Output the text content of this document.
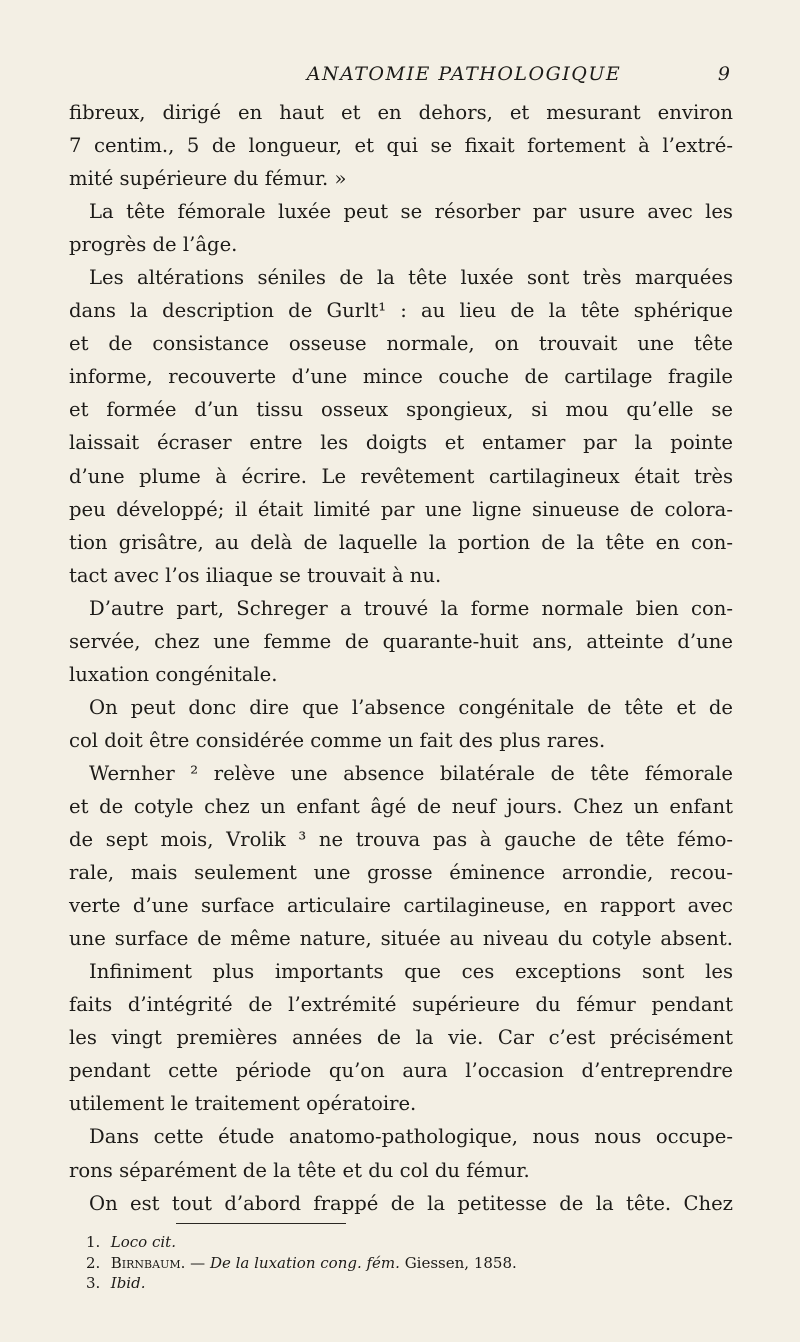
ANATOMIE PATHOLOGIQUE	9
fibreux, dirigé en haut et en dehors, et mesurant environ
7 centim., 5 de longueur, et qui se fixait fortement à l’extré-
mité supérieure du fémur. »
La tête fémorale luxée peut se résorber par usure avec les
progrès de l’âge.
Les altérations séniles de la tête luxée sont très marquées
dans la description de Gurlt¹ : au lieu de la tête sphérique
et de consistance osseuse normale, on trouvait une tête
informe, recouverte d’une mince couche de cartilage fragile
et formée d’un tissu osseux spongieux, si mou qu’elle se
laissait écraser entre les doigts et entamer par la pointe
d’une plume à écrire. Le revêtement cartilagineux était très
peu développé; il était limité par une ligne sinueuse de colora-
tion grisâtre, au delà de laquelle la portion de la tête en con-
tact avec l’os iliaque se trouvait à nu.
D’autre part, Schreger a trouvé la forme normale bien con-
servée, chez une femme de quarante-huit ans, atteinte d’une
luxation congénitale.
On peut donc dire que l’absence congénitale de tête et de
col doit être considérée comme un fait des plus rares.
Wernher ² relève une absence bilatérale de tête fémorale
et de cotyle chez un enfant âgé de neuf jours. Chez un enfant
de sept mois, Vrolik ³ ne trouva pas à gauche de tête fémo-
rale, mais seulement une grosse éminence arrondie, recou-
verte d’une surface articulaire cartilagineuse, en rapport avec
une surface de même nature, située au niveau du cotyle absent.
Infiniment plus importants que ces exceptions sont les
faits d’intégrité de l’extrémité supérieure du fémur pendant
les vingt premières années de la vie. Car c’est précisément
pendant cette période qu’on aura l’occasion d’entreprendre
utilement le traitement opératoire.
Dans cette étude anatomo-pathologique, nous nous occupe-
rons séparément de la tête et du col du fémur.
On est tout d’abord frappé de la petitesse de la tête. Chez
1. Loco cit.
2. Birnbaum. — De la luxation cong. fém. Giessen, 1858.
3. Ibid.
